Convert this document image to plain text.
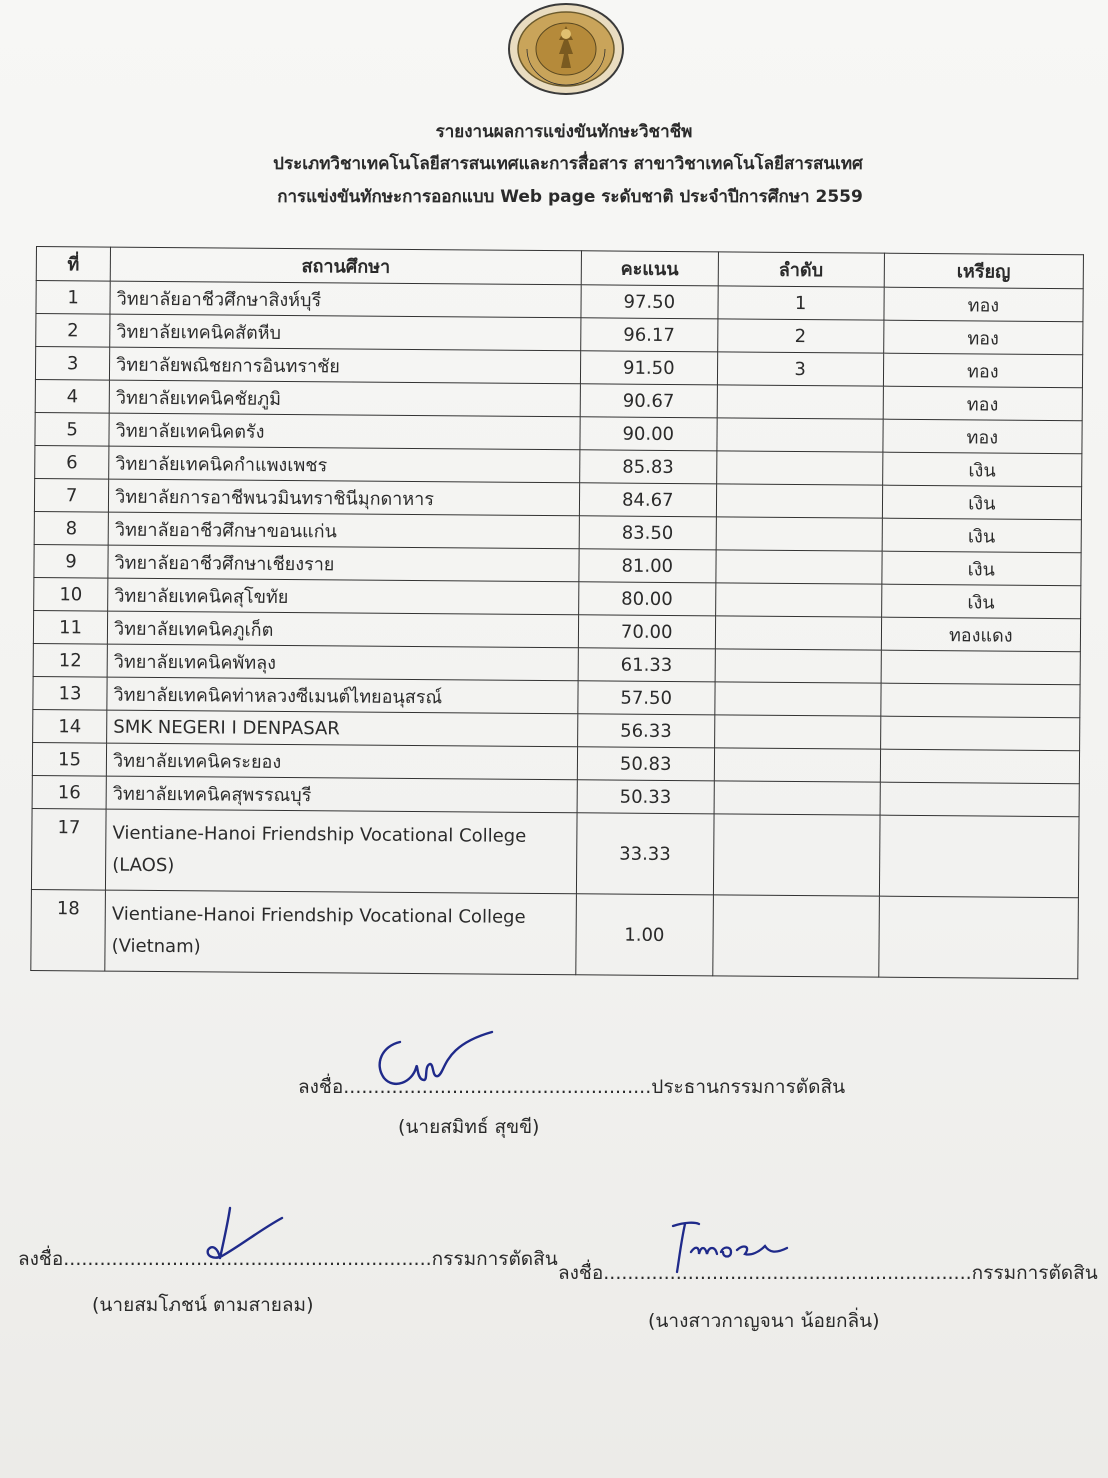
รายงานผลการแข่งขันทักษะวิชาชีพ
ประเภทวิชาเทคโนโลยีสารสนเทศและการสื่อสาร สาขาวิชาเทคโนโลยีสารสนเทศ
การแข่งขันทักษะการออกแบบ Web page ระดับชาติ ประจำปีการศึกษา 2559
ที่	สถานศึกษา	คะแนน	ลำดับ	เหรียญ
1	วิทยาลัยอาชีวศึกษาสิงห์บุรี	97.50	1	ทอง
2	วิทยาลัยเทคนิคสัตหีบ	96.17	2	ทอง
3	วิทยาลัยพณิชยการอินทราชัย	91.50	3	ทอง
4	วิทยาลัยเทคนิคชัยภูมิ	90.67		ทอง
5	วิทยาลัยเทคนิคตรัง	90.00		ทอง
6	วิทยาลัยเทคนิคกำแพงเพชร	85.83		เงิน
7	วิทยาลัยการอาชีพนวมินทราชินีมุกดาหาร	84.67		เงิน
8	วิทยาลัยอาชีวศึกษาขอนแก่น	83.50		เงิน
9	วิทยาลัยอาชีวศึกษาเชียงราย	81.00		เงิน
10	วิทยาลัยเทคนิคสุโขทัย	80.00		เงิน
11	วิทยาลัยเทคนิคภูเก็ต	70.00		ทองแดง
12	วิทยาลัยเทคนิคพัทลุง	61.33		
13	วิทยาลัยเทคนิคท่าหลวงซีเมนต์ไทยอนุสรณ์	57.50		
14	SMK NEGERI I DENPASAR	56.33		
15	วิทยาลัยเทคนิคระยอง	50.83		
16	วิทยาลัยเทคนิคสุพรรณบุรี	50.33		
17	Vientiane-Hanoi Friendship Vocational College
(LAOS)	33.33		
18	Vientiane-Hanoi Friendship Vocational College
(Vietnam)	1.00		
ลงชื่อ...................................................ประธานกรรมการตัดสิน
(นายสมิทธ์ สุขขี)
ลงชื่อ.............................................................กรรมการตัดสิน
(นายสมโภชน์ ตามสายลม)
ลงชื่อ.............................................................กรรมการตัดสิน
(นางสาวกาญจนา น้อยกลิ่น)
